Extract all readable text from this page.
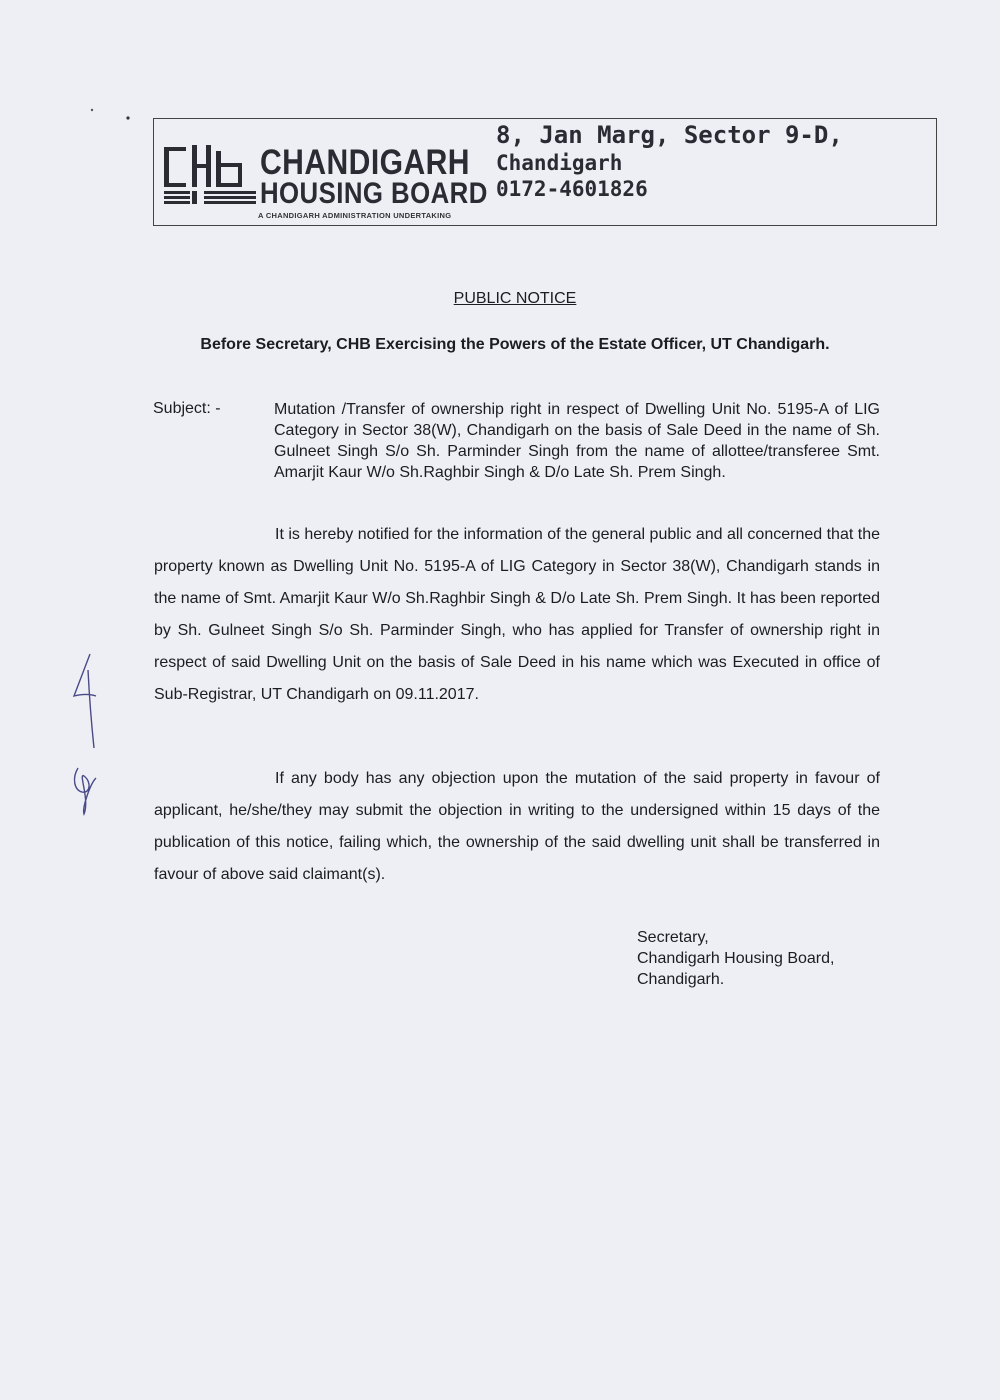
CHANDIGARH
HOUSING BOARD
A CHANDIGARH ADMINISTRATION UNDERTAKING
8, Jan Marg, Sector 9-D,
Chandigarh
0172-4601826
PUBLIC NOTICE
Before Secretary, CHB Exercising the Powers of the Estate Officer, UT Chandigarh.
Subject: -	Mutation /Transfer of ownership right in respect of Dwelling Unit No. 5195-A of LIG Category in Sector 38(W), Chandigarh on the basis of Sale Deed in the name of Sh. Gulneet Singh S/o Sh. Parminder Singh from the name of allottee/transferee Smt. Amarjit Kaur W/o Sh.Raghbir Singh & D/o Late Sh. Prem Singh.
It is hereby notified for the information of the general public and all concerned that the property known as Dwelling Unit No. 5195-A of LIG Category in Sector 38(W), Chandigarh stands in the name of Smt. Amarjit Kaur W/o Sh.Raghbir Singh & D/o Late Sh. Prem Singh. It has been reported by Sh. Gulneet Singh S/o Sh. Parminder Singh, who has applied for Transfer of ownership right in respect of said Dwelling Unit on the basis of Sale Deed in his name which was Executed in office of Sub-Registrar, UT Chandigarh on 09.11.2017.
If any body has any objection upon the mutation of the said property in favour of applicant, he/she/they may submit the objection in writing to the undersigned within 15 days of the publication of this notice, failing which, the ownership of the said dwelling unit shall be transferred in favour of above said claimant(s).
Secretary,
Chandigarh Housing Board,
Chandigarh.
